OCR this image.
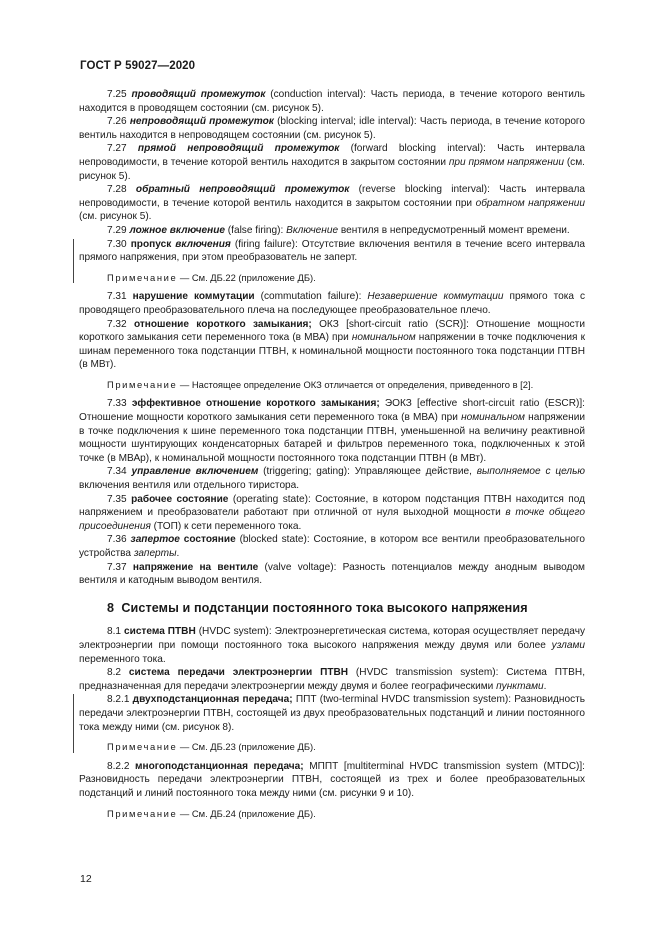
ГОСТ Р 59027—2020

7.25 проводящий промежуток (conduction interval): Часть периода, в течение которого вентиль находится в проводящем состоянии (см. рисунок 5).

7.26 непроводящий промежуток (blocking interval; idle interval): Часть периода, в течение которого вентиль находится в непроводящем состоянии (см. рисунок 5).

7.27 прямой непроводящий промежуток (forward blocking interval): Часть интервала непроводимости, в течение которой вентиль находится в закрытом состоянии при прямом напряжении (см. рисунок 5).

7.28 обратный непроводящий промежуток (reverse blocking interval): Часть интервала непроводимости, в течение которой вентиль находится в закрытом состоянии при обратном напряжении (см. рисунок 5).

7.29 ложное включение (false firing): Включение вентиля в непредусмотренный момент времени.

7.30 пропуск включения (firing failure): Отсутствие включения вентиля в течение всего интервала прямого напряжения, при этом преобразователь не заперт.

Примечание — См. ДБ.22 (приложение ДБ).

7.31 нарушение коммутации (commutation failure): Незавершение коммутации прямого тока с проводящего преобразовательного плеча на последующее преобразовательное плечо.

7.32 отношение короткого замыкания; ОКЗ [short-circuit ratio (SCR)]: Отношение мощности короткого замыкания сети переменного тока (в МВА) при номинальном напряжении в точке подключения к шинам переменного тока подстанции ПТВН, к номинальной мощности постоянного тока подстанции ПТВН (в МВт).

Примечание — Настоящее определение ОКЗ отличается от определения, приведенного в [2].

7.33 эффективное отношение короткого замыкания; ЭОКЗ [effective short-circuit ratio (ESCR)]: Отношение мощности короткого замыкания сети переменного тока (в МВА) при номинальном напряжении в точке подключения к шине переменного тока подстанции ПТВН, уменьшенной на величину реактивной мощности шунтирующих конденсаторных батарей и фильтров переменного тока, подключенных к этой точке (в МВАр), к номинальной мощности постоянного тока подстанции ПТВН (в МВт).

7.34 управление включением (triggering; gating): Управляющее действие, выполняемое с целью включения вентиля или отдельного тиристора.

7.35 рабочее состояние (operating state): Состояние, в котором подстанция ПТВН находится под напряжением и преобразователи работают при отличной от нуля выходной мощности в точке общего присоединения (ТОП) к сети переменного тока.

7.36 запертое состояние (blocked state): Состояние, в котором все вентили преобразовательного устройства заперты.

7.37 напряжение на вентиле (valve voltage): Разность потенциалов между анодным выводом вентиля и катодным выводом вентиля.

8 Системы и подстанции постоянного тока высокого напряжения

8.1 система ПТВН (HVDC system): Электроэнергетическая система, которая осуществляет передачу электроэнергии при помощи постоянного тока высокого напряжения между двумя или более узлами переменного тока.

8.2 система передачи электроэнергии ПТВН (HVDC transmission system): Система ПТВН, предназначенная для передачи электроэнергии между двумя и более географическими пунктами.

8.2.1 двухподстанционная передача; ППТ (two-terminal HVDC transmission system): Разновидность передачи электроэнергии ПТВН, состоящей из двух преобразовательных подстанций и линии постоянного тока между ними (см. рисунок 8).

Примечание — См. ДБ.23 (приложение ДБ).

8.2.2 многоподстанционная передача; МППТ [multiterminal HVDC transmission system (MTDC)]: Разновидность передачи электроэнергии ПТВН, состоящей из трех и более преобразовательных подстанций и линий постоянного тока между ними (см. рисунки 9 и 10).

Примечание — См. ДБ.24 (приложение ДБ).

12
